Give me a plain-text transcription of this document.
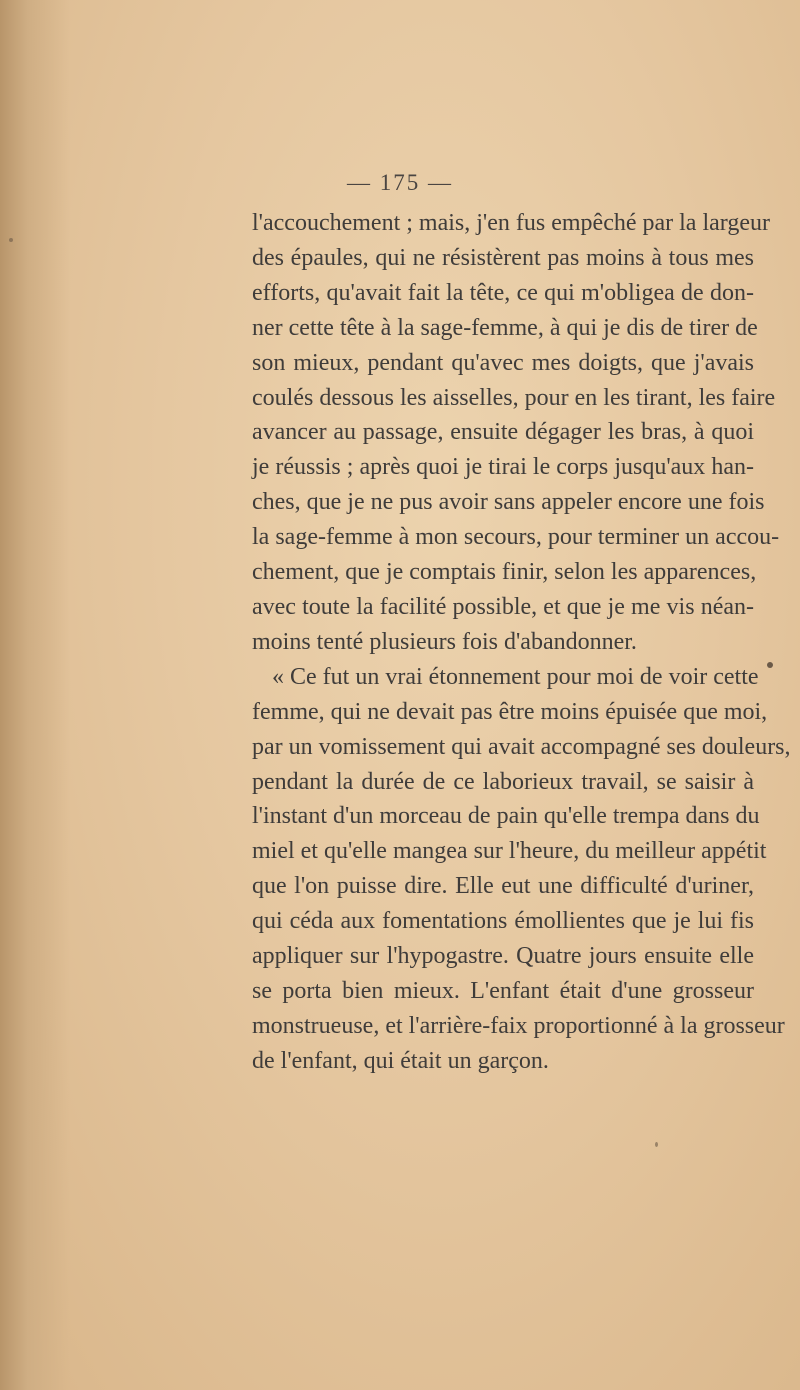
— 175 —
l'accouchement ; mais, j'en fus empêché par la largeur
des épaules, qui ne résistèrent pas moins à tous mes
efforts, qu'avait fait la tête, ce qui m'obligea de don-
ner cette tête à la sage-femme, à qui je dis de tirer de
son mieux, pendant qu'avec mes doigts, que j'avais
coulés dessous les aisselles, pour en les tirant, les faire
avancer au passage, ensuite dégager les bras, à quoi
je réussis ; après quoi je tirai le corps jusqu'aux han-
ches, que je ne pus avoir sans appeler encore une fois
la sage-femme à mon secours, pour terminer un accou-
chement, que je comptais finir, selon les apparences,
avec toute la facilité possible, et que je me vis néan-
moins tenté plusieurs fois d'abandonner.
« Ce fut un vrai étonnement pour moi de voir cette
femme, qui ne devait pas être moins épuisée que moi,
par un vomissement qui avait accompagné ses douleurs,
pendant la durée de ce laborieux travail, se saisir à
l'instant d'un morceau de pain qu'elle trempa dans du
miel et qu'elle mangea sur l'heure, du meilleur appétit
que l'on puisse dire. Elle eut une difficulté d'uriner,
qui céda aux fomentations émollientes que je lui fis
appliquer sur l'hypogastre. Quatre jours ensuite elle
se porta bien mieux. L'enfant était d'une grosseur
monstrueuse, et l'arrière-faix proportionné à la grosseur
de l'enfant, qui était un garçon.
